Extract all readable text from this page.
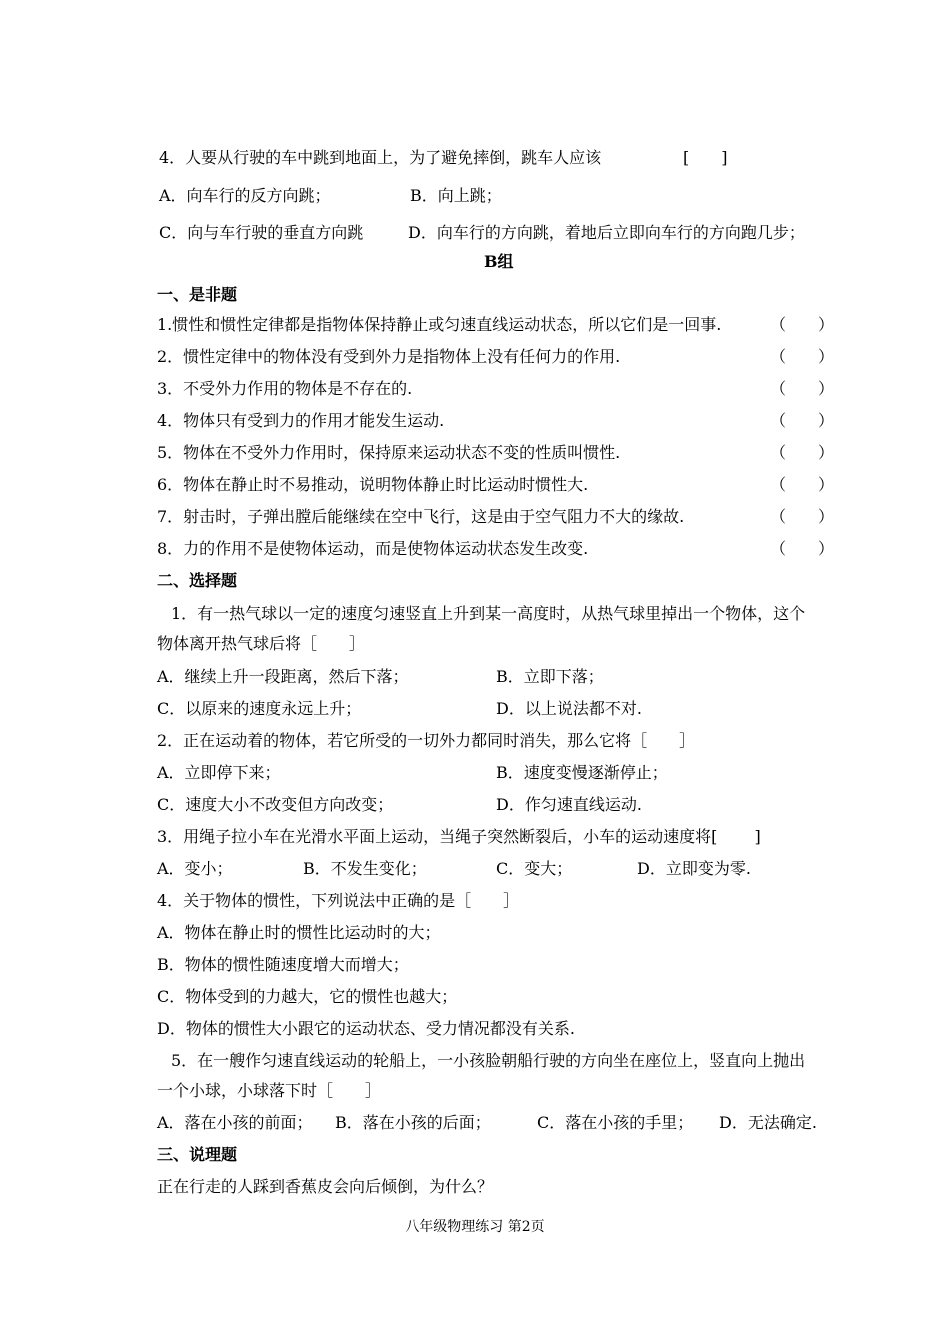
4．人要从行驶的车中跳到地面上，为了避免摔倒，跳车人应该	[　　]
A．向车行的反方向跳；	B．向上跳；
C．向与车行驶的垂直方向跳	D．向车行的方向跳，着地后立即向车行的方向跑几步；
B组
一、是非题
1.惯性和惯性定律都是指物体保持静止或匀速直线运动状态，所以它们是一回事.	（　　）
2．惯性定律中的物体没有受到外力是指物体上没有任何力的作用.	（　　）
3．不受外力作用的物体是不存在的.	（　　）
4．物体只有受到力的作用才能发生运动.	（　　）
5．物体在不受外力作用时，保持原来运动状态不变的性质叫惯性.	（　　）
6．物体在静止时不易推动，说明物体静止时比运动时惯性大.	（　　）
7．射击时，子弹出膛后能继续在空中飞行，这是由于空气阻力不大的缘故.	（　　）
8．力的作用不是使物体运动，而是使物体运动状态发生改变.	（　　）
二、选择题
1．有一热气球以一定的速度匀速竖直上升到某一高度时，从热气球里掉出一个物体，这个
物体离开热气球后将［　　］
A．继续上升一段距离，然后下落；	B．立即下落；
C．以原来的速度永远上升；	D．以上说法都不对.
2．正在运动着的物体，若它所受的一切外力都同时消失，那么它将［　　］
A．立即停下来；	B．速度变慢逐渐停止；
C．速度大小不改变但方向改变；	D．作匀速直线运动.
3．用绳子拉小车在光滑水平面上运动，当绳子突然断裂后，小车的运动速度将[　　 ]
A．变小；	B．不发生变化；	C．变大；	D．立即变为零.
4．关于物体的惯性，下列说法中正确的是［　　］
A．物体在静止时的惯性比运动时的大；
B．物体的惯性随速度增大而增大；
C．物体受到的力越大，它的惯性也越大；
D．物体的惯性大小跟它的运动状态、受力情况都没有关系.
5．在一艘作匀速直线运动的轮船上，一小孩脸朝船行驶的方向坐在座位上，竖直向上抛出
一个小球，小球落下时［　　］
A．落在小孩的前面； B．落在小孩的后面；	C．落在小孩的手里； D．无法确定.
三、说理题
正在行走的人踩到香蕉皮会向后倾倒，为什么？
八年级物理练习 第2页
